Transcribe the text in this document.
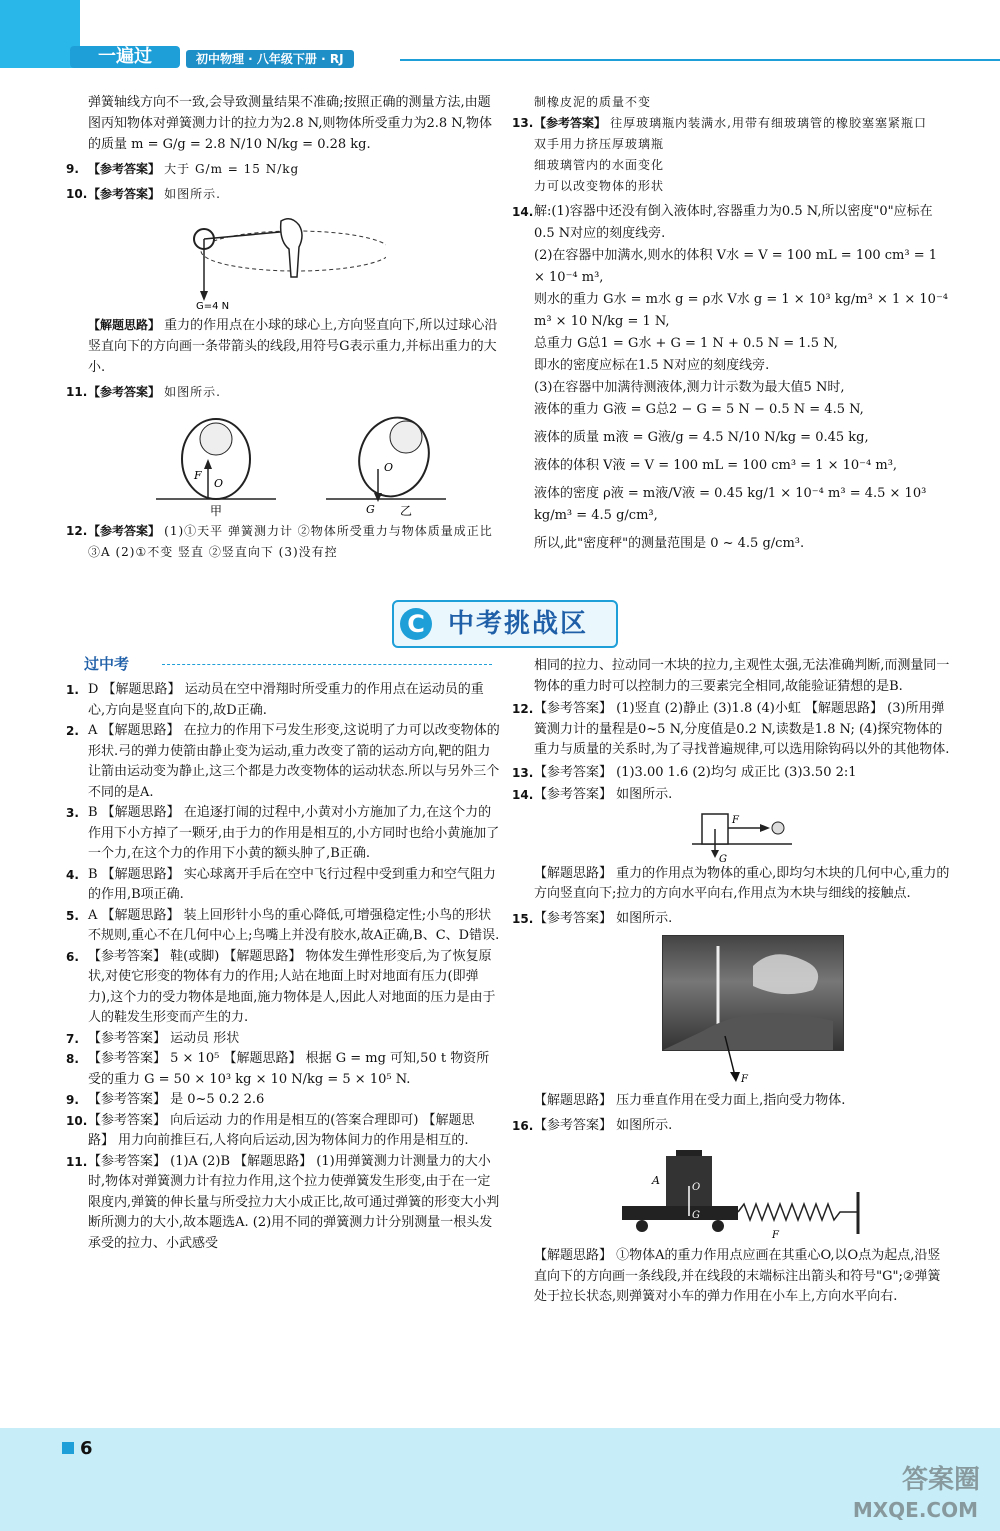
一遍过	初中物理 · 八年级下册 · RJ

弹簧轴线方向不一致,会导致测量结果不准确;按照正确的测量方法,由题图丙知物体对弹簧测力计的拉力为2.8 N,则物体所受重力为2.8 N,物体的质量 m = G/g = 2.8 N/10 N/kg = 0.28 kg.

9. 【参考答案】 大于 G/m = 15 N/kg
10. 【参考答案】 如图所示.
G=4 N
【解题思路】 重力的作用点在小球的球心上,方向竖直向下,所以过球心沿竖直向下的方向画一条带箭头的线段,用符号G表示重力,并标出重力的大小.
11. 【参考答案】 如图所示.
F
O
甲
O
G 乙
12. 【参考答案】 (1)①天平 弹簧测力计 ②物体所受重力与物体质量成正比 ③A (2)①不变 竖直 ②竖直向下 (3)没有控

制橡皮泥的质量不变

13. 【参考答案】 往厚玻璃瓶内装满水,用带有细玻璃管的橡胶塞塞紧瓶口

双手用力挤压厚玻璃瓶

细玻璃管内的水面变化

力可以改变物体的形状

14. 解:(1)容器中还没有倒入液体时,容器重力为0.5 N,所以密度"0"应标在0.5 N对应的刻度线旁.

(2)在容器中加满水,则水的体积 V水 = V = 100 mL = 100 cm³ = 1 × 10⁻⁴ m³,

则水的重力 G水 = m水 g = ρ水 V水 g = 1 × 10³ kg/m³ × 1 × 10⁻⁴ m³ × 10 N/kg = 1 N,

总重力 G总1 = G水 + G = 1 N + 0.5 N = 1.5 N,

即水的密度应标在1.5 N对应的刻度线旁.

(3)在容器中加满待测液体,测力计示数为最大值5 N时,

液体的重力 G液 = G总2 − G = 5 N − 0.5 N = 4.5 N,

液体的质量 m液 = G液/g = 4.5 N/10 N/kg = 0.45 kg,

液体的体积 V液 = V = 100 mL = 100 cm³ = 1 × 10⁻⁴ m³,

液体的密度 ρ液 = m液/V液 = 0.45 kg/1 × 10⁻⁴ m³ = 4.5 × 10³ kg/m³ = 4.5 g/cm³,

所以,此"密度秤"的测量范围是 0 ~ 4.5 g/cm³.

C 中考挑战区
过中考
1. D 【解题思路】 运动员在空中滑翔时所受重力的作用点在运动员的重心,方向是竖直向下的,故D正确.
2. A 【解题思路】 在拉力的作用下弓发生形变,这说明了力可以改变物体的形状.弓的弹力使箭由静止变为运动,重力改变了箭的运动方向,靶的阻力让箭由运动变为静止,这三个都是力改变物体的运动状态.所以与另外三个不同的是A.
3. B 【解题思路】 在追逐打闹的过程中,小黄对小方施加了力,在这个力的作用下小方掉了一颗牙,由于力的作用是相互的,小方同时也给小黄施加了一个力,在这个力的作用下小黄的额头肿了,B正确.
4. B 【解题思路】 实心球离开手后在空中飞行过程中受到重力和空气阻力的作用,B项正确.
5. A 【解题思路】 装上回形针小鸟的重心降低,可增强稳定性;小鸟的形状不规则,重心不在几何中心上;鸟嘴上并没有胶水,故A正确,B、C、D错误.
6. 【参考答案】 鞋(或脚) 【解题思路】 物体发生弹性形变后,为了恢复原状,对使它形变的物体有力的作用;人站在地面上时对地面有压力(即弹力),这个力的受力物体是地面,施力物体是人,因此人对地面的压力是由于人的鞋发生形变而产生的力.
7. 【参考答案】 运动员 形状
8. 【参考答案】 5 × 10⁵ 【解题思路】 根据 G = mg 可知,50 t 物资所受的重力 G = 50 × 10³ kg × 10 N/kg = 5 × 10⁵ N.
9. 【参考答案】 是 0~5 0.2 2.6
10. 【参考答案】 向后运动 力的作用是相互的(答案合理即可) 【解题思路】 用力向前推巨石,人将向后运动,因为物体间力的作用是相互的.
11. 【参考答案】 (1)A (2)B 【解题思路】 (1)用弹簧测力计测量力的大小时,物体对弹簧测力计有拉力作用,这个拉力使弹簧发生形变,由于在一定限度内,弹簧的伸长量与所受拉力大小成正比,故可通过弹簧的形变大小判断所测力的大小,故本题选A. (2)用不同的弹簧测力计分别测量一根头发承受的拉力、小武感受

相同的拉力、拉动同一木块的拉力,主观性太强,无法准确判断,而测量同一物体的重力时可以控制力的三要素完全相同,故能验证猜想的是B.

12. 【参考答案】 (1)竖直 (2)静止 (3)1.8 (4)小虹 【解题思路】 (3)所用弹簧测力计的量程是0~5 N,分度值是0.2 N,读数是1.8 N; (4)探究物体的重力与质量的关系时,为了寻找普遍规律,可以选用除钩码以外的其他物体.
13. 【参考答案】 (1)3.00 1.6 (2)均匀 成正比 (3)3.50 2:1
14. 【参考答案】 如图所示.
F
G
【解题思路】 重力的作用点为物体的重心,即均匀木块的几何中心,重力的方向竖直向下;拉力的方向水平向右,作用点为木块与细线的接触点.
15. 【参考答案】 如图所示.
F
【解题思路】 压力垂直作用在受力面上,指向受力物体.
16. 【参考答案】 如图所示.
A
O
G
F
【解题思路】 ①物体A的重力作用点应画在其重心O,以O点为起点,沿竖直向下的方向画一条线段,并在线段的末端标注出箭头和符号"G";②弹簧处于拉长状态,则弹簧对小车的弹力作用在小车上,方向水平向右.
6
答案圈
MXQE.COM
